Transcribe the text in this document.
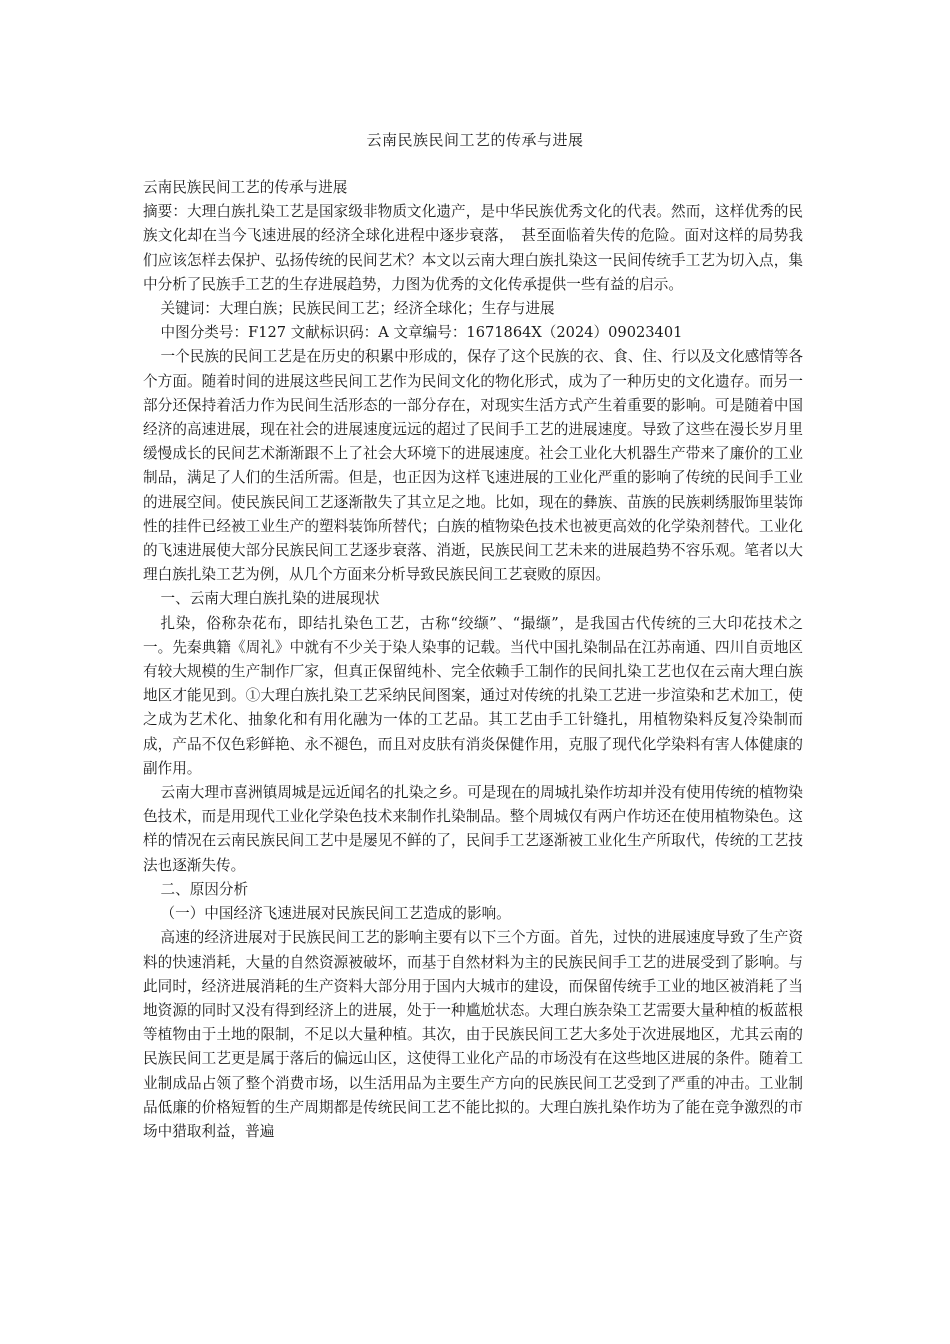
云南民族民间工艺的传承与进展

云南民族民间工艺的传承与进展

摘要：大理白族扎染工艺是国家级非物质文化遗产，是中华民族优秀文化的代表。然而，这样优秀的民族文化却在当今飞速进展的经济全球化进程中逐步衰落，　甚至面临着失传的危险。面对这样的局势我们应该怎样去保护、弘扬传统的民间艺术？本文以云南大理白族扎染这一民间传统手工艺为切入点，集中分析了民族手工艺的生存进展趋势，力图为优秀的文化传承提供一些有益的启示。

关键词：大理白族；民族民间工艺；经济全球化；生存与进展

中图分类号：F127 文献标识码：A 文章编号：1671864X（2024）09023401

一个民族的民间工艺是在历史的积累中形成的，保存了这个民族的衣、食、住、行以及文化感情等各个方面。随着时间的进展这些民间工艺作为民间文化的物化形式，成为了一种历史的文化遗存。而另一部分还保持着活力作为民间生活形态的一部分存在，对现实生活方式产生着重要的影响。可是随着中国经济的高速进展，现在社会的进展速度远远的超过了民间手工艺的进展速度。导致了这些在漫长岁月里缓慢成长的民间艺术渐渐跟不上了社会大环境下的进展速度。社会工业化大机器生产带来了廉价的工业制品，满足了人们的生活所需。但是，也正因为这样飞速进展的工业化严重的影响了传统的民间手工业的进展空间。使民族民间工艺逐渐散失了其立足之地。比如，现在的彝族、苗族的民族刺绣服饰里装饰性的挂件已经被工业生产的塑料装饰所替代；白族的植物染色技术也被更高效的化学染剂替代。工业化的飞速进展使大部分民族民间工艺逐步衰落、消逝，民族民间工艺未来的进展趋势不容乐观。笔者以大理白族扎染工艺为例，从几个方面来分析导致民族民间工艺衰败的原因。

一、云南大理白族扎染的进展现状

扎染，俗称杂花布，即结扎染色工艺，古称“绞缬”、“撮缬”，是我国古代传统的三大印花技术之一。先秦典籍《周礼》中就有不少关于染人染事的记载。当代中国扎染制品在江苏南通、四川自贡地区有较大规模的生产制作厂家，但真正保留纯朴、完全依赖手工制作的民间扎染工艺也仅在云南大理白族地区才能见到。①大理白族扎染工艺采纳民间图案，通过对传统的扎染工艺进一步渲染和艺术加工，使之成为艺术化、抽象化和有用化融为一体的工艺品。其工艺由手工针缝扎，用植物染料反复冷染制而成，产品不仅色彩鲜艳、永不褪色，而且对皮肤有消炎保健作用，克服了现代化学染料有害人体健康的副作用。

云南大理市喜洲镇周城是远近闻名的扎染之乡。可是现在的周城扎染作坊却并没有使用传统的植物染色技术，而是用现代工业化学染色技术来制作扎染制品。整个周城仅有两户作坊还在使用植物染色。这样的情况在云南民族民间工艺中是屡见不鲜的了，民间手工艺逐渐被工业化生产所取代，传统的工艺技法也逐渐失传。

二、原因分析

（一）中国经济飞速进展对民族民间工艺造成的影响。

高速的经济进展对于民族民间工艺的影响主要有以下三个方面。首先，过快的进展速度导致了生产资料的快速消耗，大量的自然资源被破坏，而基于自然材料为主的民族民间手工艺的进展受到了影响。与此同时，经济进展消耗的生产资料大部分用于国内大城市的建设，而保留传统手工业的地区被消耗了当地资源的同时又没有得到经济上的进展，处于一种尴尬状态。大理白族杂染工艺需要大量种植的板蓝根等植物由于土地的限制，不足以大量种植。其次，由于民族民间工艺大多处于次进展地区，尤其云南的民族民间工艺更是属于落后的偏远山区，这使得工业化产品的市场没有在这些地区进展的条件。随着工业制成品占领了整个消费市场，以生活用品为主要生产方向的民族民间工艺受到了严重的冲击。工业制品低廉的价格短暂的生产周期都是传统民间工艺不能比拟的。大理白族扎染作坊为了能在竞争激烈的市场中猎取利益，普遍
